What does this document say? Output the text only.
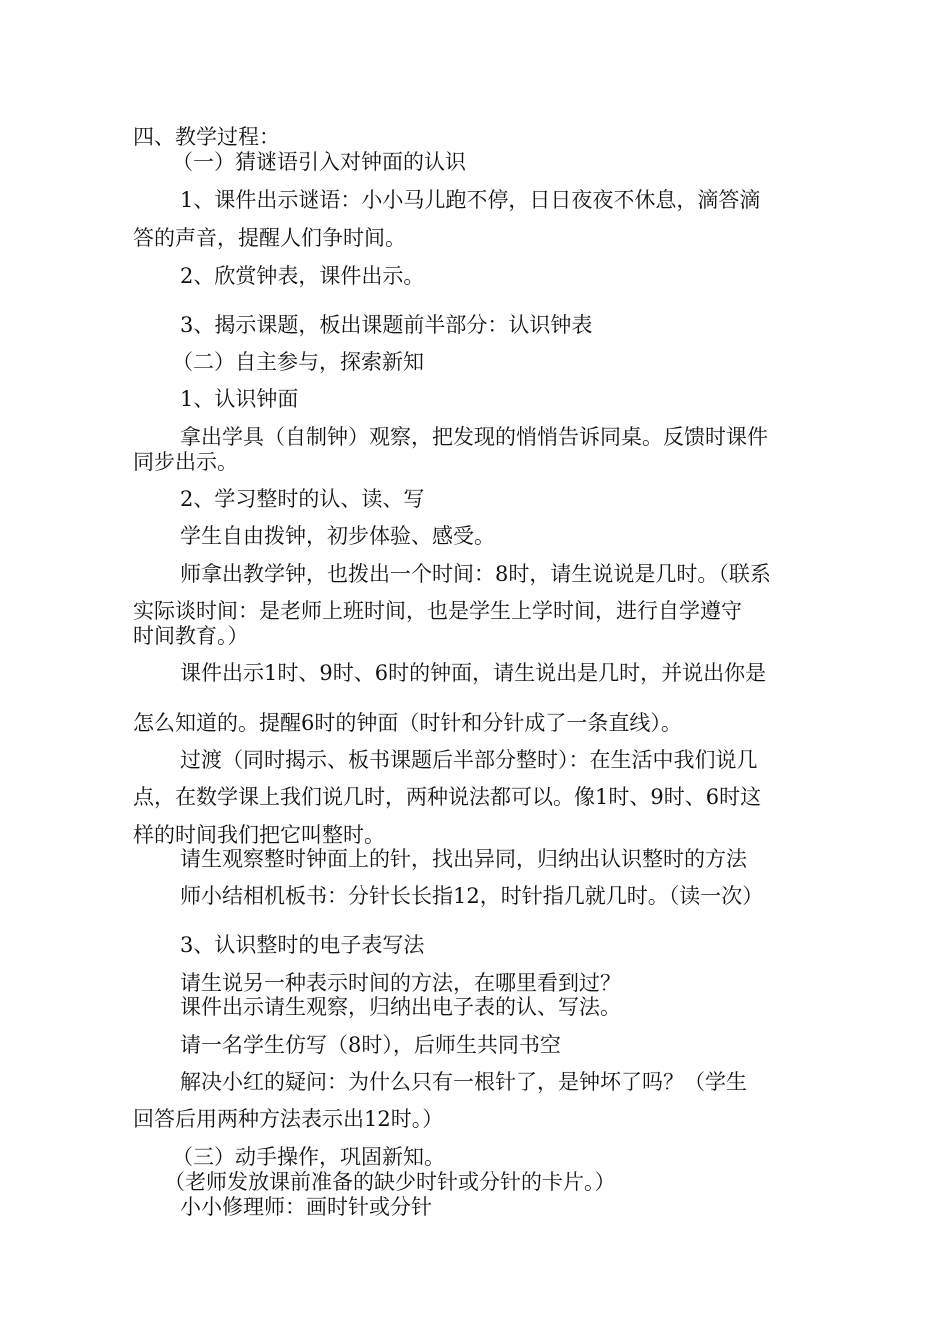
四、教学过程：
（一）猜谜语引入对钟面的认识
1、课件出示谜语：小小马儿跑不停，日日夜夜不休息，滴答滴
答的声音，提醒人们争时间。
2、欣赏钟表，课件出示。
3、揭示课题，板出课题前半部分：认识钟表
（二）自主参与，探索新知
1、认识钟面
拿出学具（自制钟）观察，把发现的悄悄告诉同桌。反馈时课件
同步出示。
2、学习整时的认、读、写
学生自由拨钟，初步体验、感受。
师拿出教学钟，也拨出一个时间：8时，请生说说是几时。（联系
实际谈时间：是老师上班时间，也是学生上学时间，进行自学遵守
时间教育。）
课件出示1时、9时、6时的钟面，请生说出是几时，并说出你是
怎么知道的。提醒6时的钟面（时针和分针成了一条直线）。
过渡（同时揭示、板书课题后半部分整时）：在生活中我们说几
点，在数学课上我们说几时，两种说法都可以。像1时、9时、6时这
样的时间我们把它叫整时。
请生观察整时钟面上的针，找出异同，归纳出认识整时的方法
师小结相机板书：分针长长指12，时针指几就几时。（读一次）
3、认识整时的电子表写法
请生说另一种表示时间的方法，在哪里看到过？
课件出示请生观察，归纳出电子表的认、写法。
请一名学生仿写（8时），后师生共同书空
解决小红的疑问：为什么只有一根针了，是钟坏了吗？（学生
回答后用两种方法表示出12时。）
（三）动手操作，巩固新知。
（老师发放课前准备的缺少时针或分针的卡片。）
小小修理师：画时针或分针
